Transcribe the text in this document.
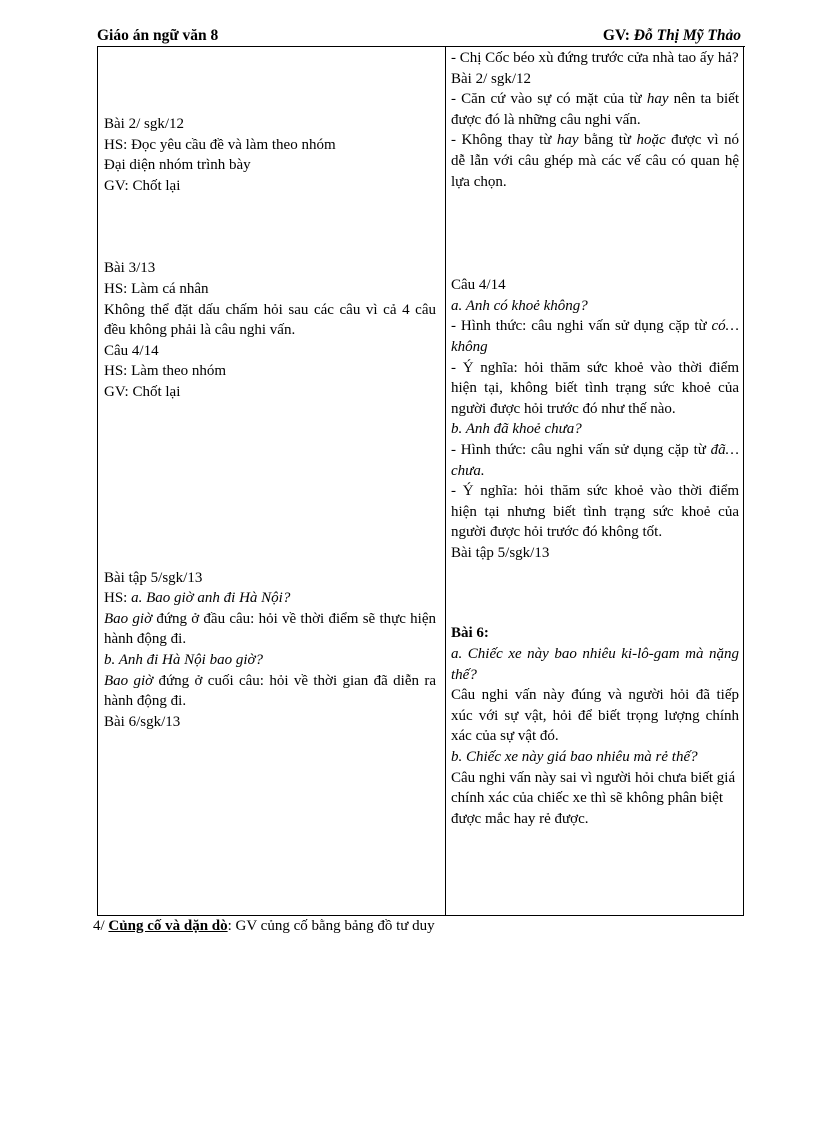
Giáo án ngữ văn 8	GV: Đỗ Thị Mỹ Thảo

Bài 2/ sgk/12

HS: Đọc yêu cầu đề và làm theo nhóm

Đại diện nhóm trình bày

GV: Chốt lại

Bài 3/13

HS: Làm cá nhân

Không thể đặt dấu chấm hỏi sau các câu vì cả 4 câu đều không phải là câu nghi vấn.

Câu 4/14

HS: Làm theo nhóm

GV: Chốt lại

Bài tập 5/sgk/13

HS: a. Bao giờ anh đi Hà Nội?

Bao giờ đứng ở đầu câu: hỏi về thời điểm sẽ thực hiện hành động đi.

b. Anh đi Hà Nội bao giờ?

Bao giờ đứng ở cuối câu: hỏi về thời gian đã diễn ra hành động đi.

Bài 6/sgk/13

- Chị Cốc béo xù đứng trước cửa nhà tao ấy hả?

Bài 2/ sgk/12

- Căn cứ vào sự có mặt của từ hay nên ta biết được đó là những câu nghi vấn.

- Không thay từ hay bằng từ hoặc được vì nó dễ lẫn với câu ghép mà các vế câu có quan hệ lựa chọn.

Câu 4/14

a. Anh có khoẻ không?

- Hình thức: câu nghi vấn sử dụng cặp từ có…không

- Ý nghĩa: hỏi thăm sức khoẻ vào thời điểm hiện tại, không biết tình trạng sức khoẻ của người được hỏi trước đó như thế nào.

b. Anh đã khoẻ chưa?

- Hình thức: câu nghi vấn sử dụng cặp từ đã… chưa.

- Ý nghĩa: hỏi thăm sức khoẻ vào thời điểm hiện tại nhưng biết tình trạng sức khoẻ của người được hỏi trước đó không tốt.

Bài tập 5/sgk/13

Bài 6:

a. Chiếc xe này bao nhiêu ki-lô-gam mà nặng thế?

Câu nghi vấn này đúng và người hỏi đã tiếp xúc với sự vật, hỏi để biết trọng lượng chính xác của sự vật đó.

b. Chiếc xe này giá bao nhiêu mà rẻ thế?

Câu nghi vấn này sai vì người hỏi chưa biết giá chính xác của chiếc xe thì sẽ không phân biệt được mắc hay rẻ được.

4/ Củng cố và dặn dò: GV củng cố bằng bảng đồ tư duy
